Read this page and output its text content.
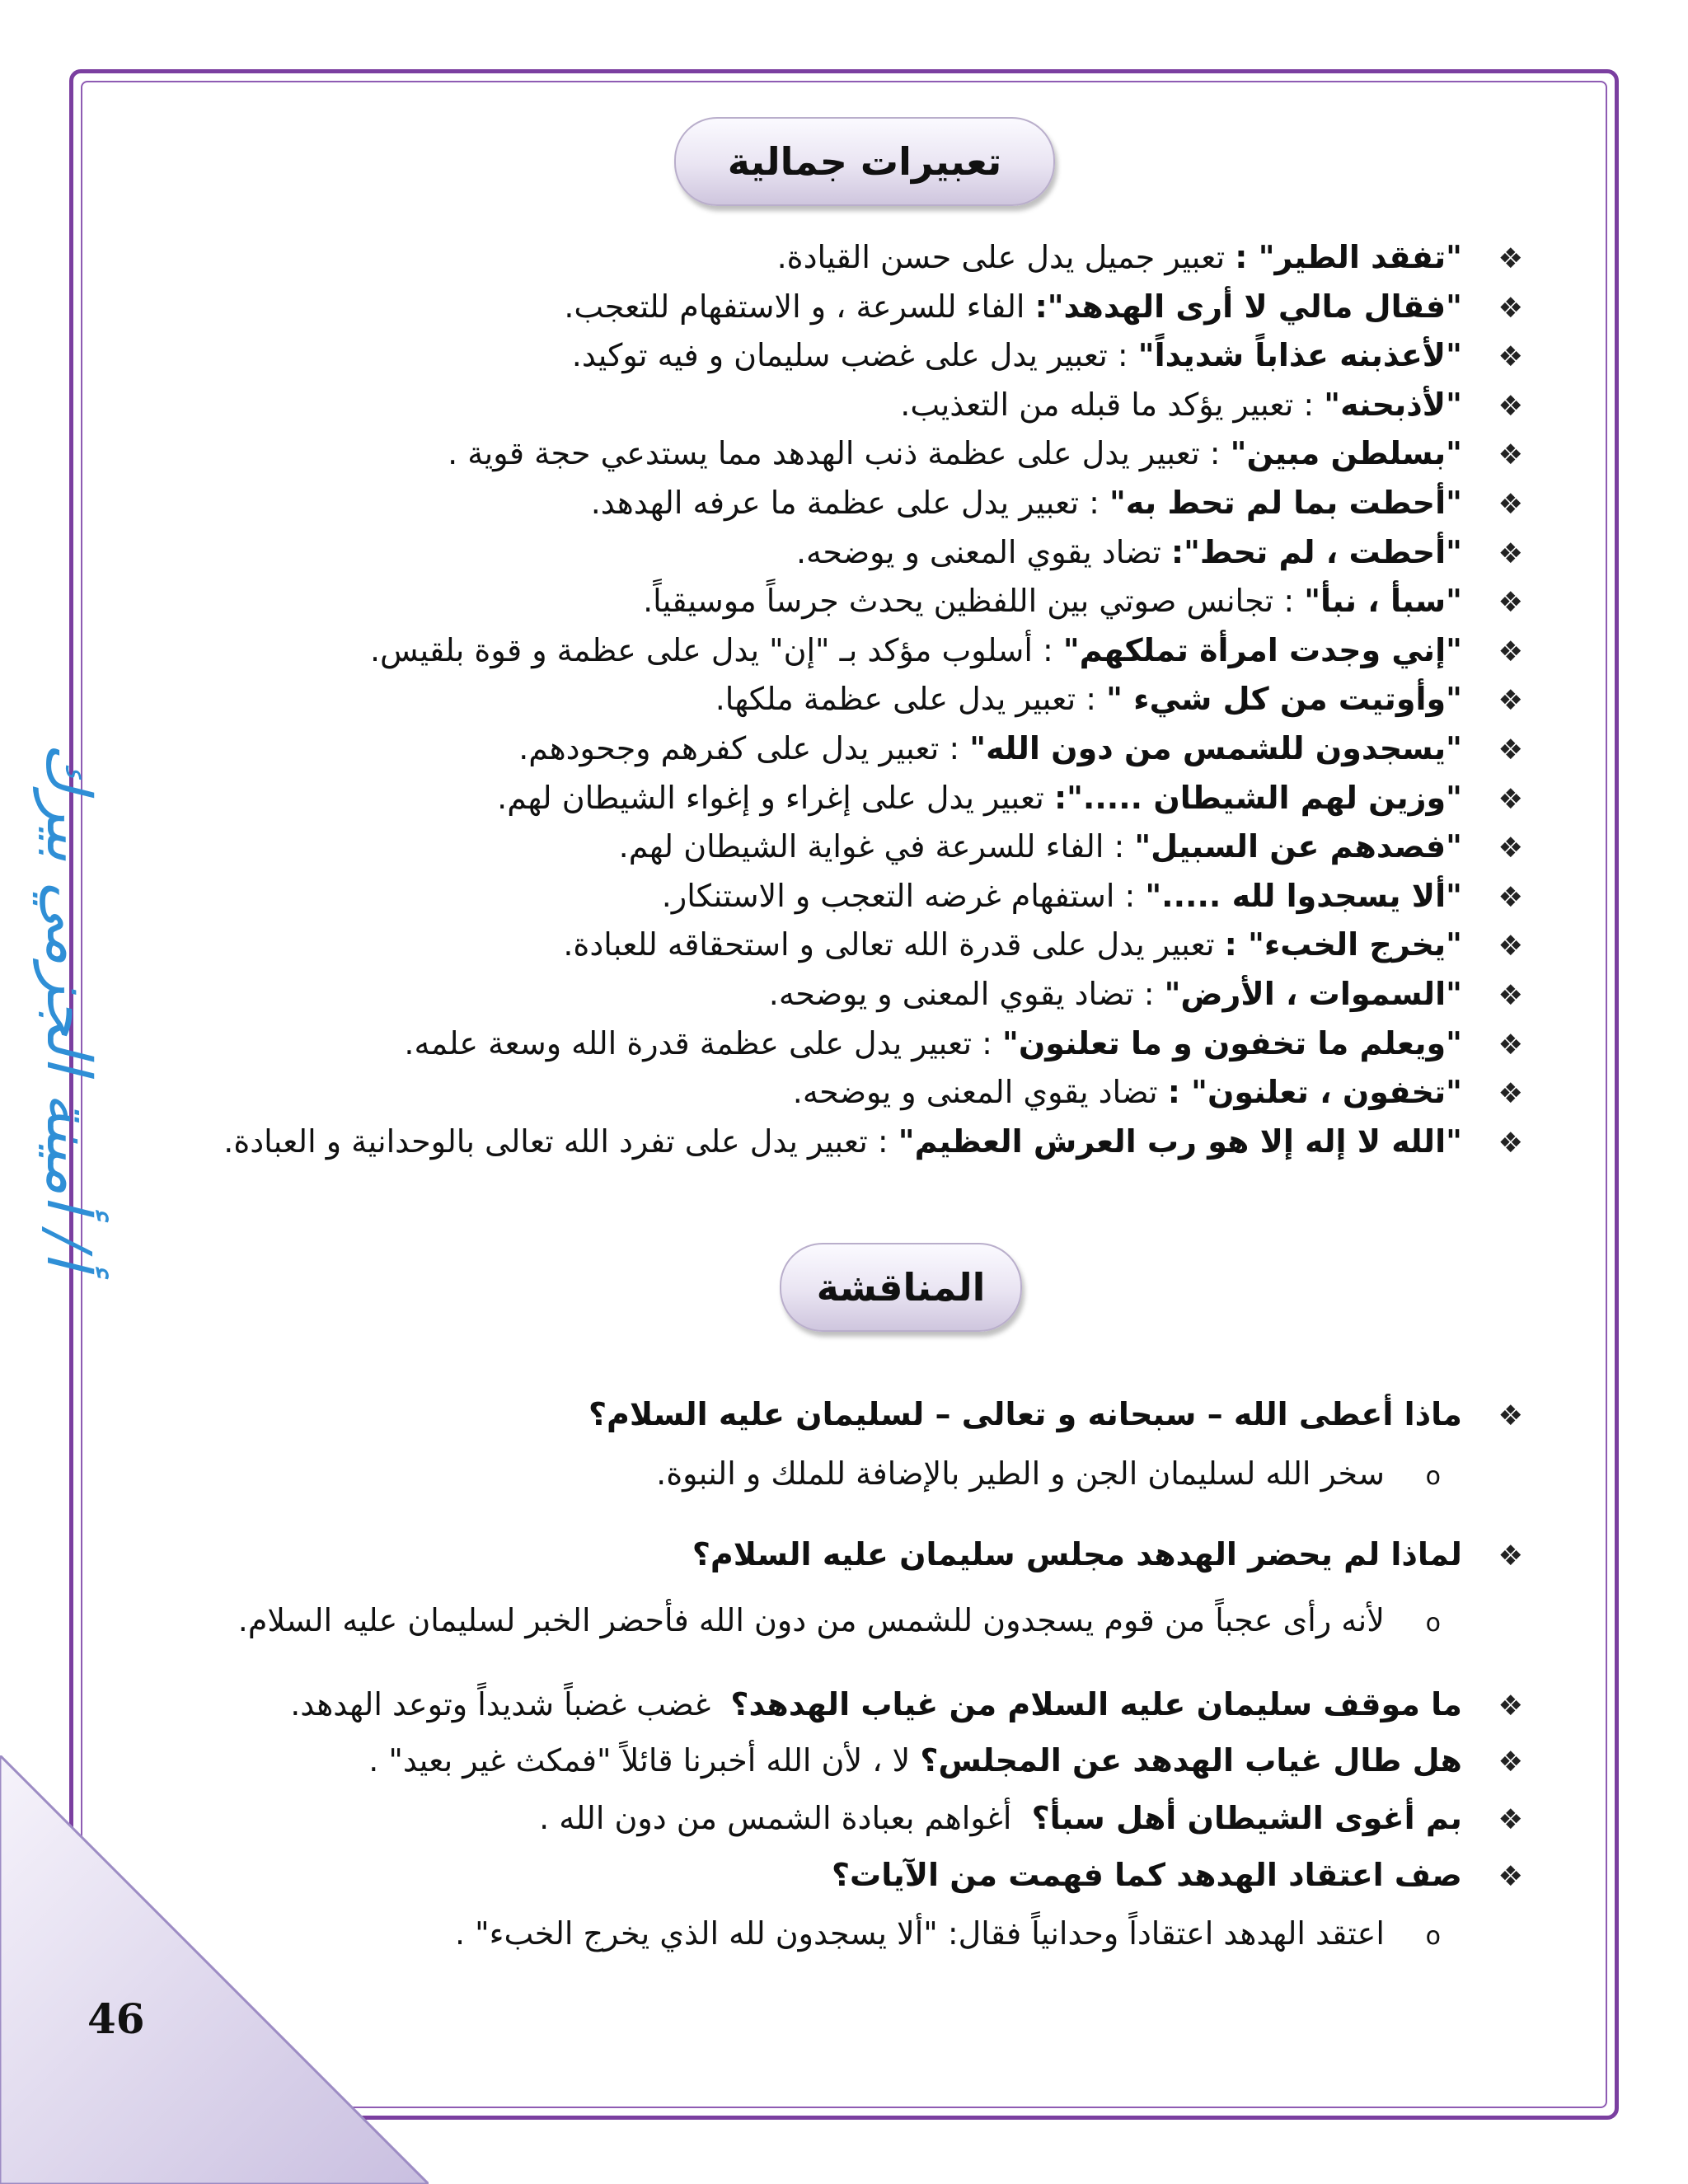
أ/ أمينة الجزمي بيرك
46
تعبيرات جمالية
❖ "تفقد الطير" : تعبير جميل يدل على حسن القيادة.
❖ "فقال مالي لا أرى الهدهد": الفاء للسرعة ، و الاستفهام للتعجب.
❖ "لأعذبنه عذاباً شديداً" : تعبير يدل على غضب سليمان و فيه توكيد.
❖ "لأذبحنه" : تعبير يؤكد ما قبله من التعذيب.
❖ "بسلطن مبين" : تعبير يدل على عظمة ذنب الهدهد مما يستدعي حجة قوية .
❖ "أحطت بما لم تحط به" : تعبير يدل على عظمة ما عرفه الهدهد.
❖ "أحطت ، لم تحط": تضاد يقوي المعنى و يوضحه.
❖ "سبأ ، نبأ" : تجانس صوتي بين اللفظين يحدث جرساً موسيقياً.
❖ "إني وجدت امرأة تملكهم" : أسلوب مؤكد بـ "إن" يدل على عظمة و قوة بلقيس.
❖ "وأوتيت من كل شيء " : تعبير يدل على عظمة ملكها.
❖ "يسجدون للشمس من دون الله" : تعبير يدل على كفرهم وجحودهم.
❖ "وزين لهم الشيطان .....": تعبير يدل على إغراء و إغواء الشيطان لهم.
❖ "فصدهم عن السبيل" : الفاء للسرعة في غواية الشيطان لهم.
❖ "ألا يسجدوا لله ....." : استفهام غرضه التعجب و الاستنكار.
❖ "يخرج الخبء" : تعبير يدل على قدرة الله تعالى و استحقاقه للعبادة.
❖ "السموات ، الأرض" : تضاد يقوي المعنى و يوضحه.
❖ "ويعلم ما تخفون و ما تعلنون" : تعبير يدل على عظمة قدرة الله وسعة علمه.
❖ "تخفون ، تعلنون" : تضاد يقوي المعنى و يوضحه.
❖ "الله لا إله إلا هو رب العرش العظيم" : تعبير يدل على تفرد الله تعالى بالوحدانية و العبادة.
المناقشة
❖ ماذا أعطى الله – سبحانه و تعالى – لسليمان عليه السلام؟
o سخر الله لسليمان الجن و الطير بالإضافة للملك و النبوة.
❖ لماذا لم يحضر الهدهد مجلس سليمان عليه السلام؟
o لأنه رأى عجباً من قوم يسجدون للشمس من دون الله فأحضر الخبر لسليمان عليه السلام.
❖ ما موقف سليمان عليه السلام من غياب الهدهد؟  غضب غضباً شديداً وتوعد الهدهد.
❖ هل طال غياب الهدهد عن المجلس؟ لا ، لأن الله أخبرنا قائلاً "فمكث غير بعيد" .
❖ بم أغوى الشيطان أهل سبأ؟  أغواهم بعبادة الشمس من دون الله .
❖ صف اعتقاد الهدهد كما فهمت من الآيات؟
o اعتقد الهدهد اعتقاداً وحدانياً فقال: "ألا يسجدون لله الذي يخرج الخبء" .
